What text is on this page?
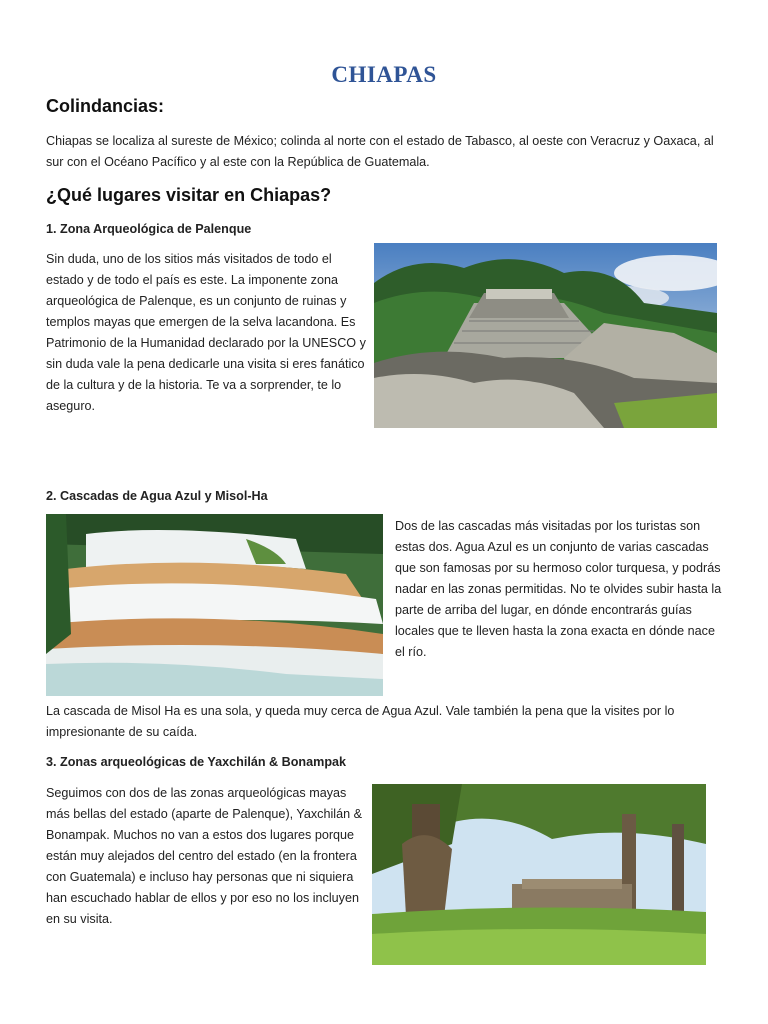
CHIAPAS
Colindancias:
Chiapas se localiza al sureste de México; colinda al norte con el estado de Tabasco, al oeste con Veracruz y Oaxaca, al sur con el Océano Pacífico y al este con la República de Guatemala.
¿Qué lugares visitar en Chiapas?
1. Zona Arqueológica de Palenque
Sin duda, uno de los sitios más visitados de todo el estado y de todo el país es este. La imponente zona arqueológica de Palenque, es un conjunto de ruinas y templos mayas que emergen de la selva lacandona. Es Patrimonio de la Humanidad declarado por la UNESCO y sin duda vale la pena dedicarle una visita si eres fanático de la cultura y de la historia. Te va a sorprender, te lo aseguro.
2. Cascadas de Agua Azul y Misol-Ha
Dos de las cascadas más visitadas por los turistas son estas dos. Agua Azul es un conjunto de varias cascadas que son famosas por su hermoso color turquesa, y podrás nadar en las zonas permitidas. No te olvides subir hasta la parte de arriba del lugar, en dónde encontrarás guías locales que te lleven hasta la zona exacta en dónde nace el río.
La cascada de Misol Ha es una sola, y queda muy cerca de Agua Azul. Vale también la pena que la visites por lo impresionante de su caída.
3. Zonas arqueológicas de Yaxchilán & Bonampak
Seguimos con dos de las zonas arqueológicas mayas más bellas del estado (aparte de Palenque), Yaxchilán & Bonampak. Muchos no van a estos dos lugares porque están muy alejados del centro del estado (en la frontera con Guatemala) e incluso hay personas que ni siquiera han escuchado hablar de ellos y por eso no los incluyen en su visita.
